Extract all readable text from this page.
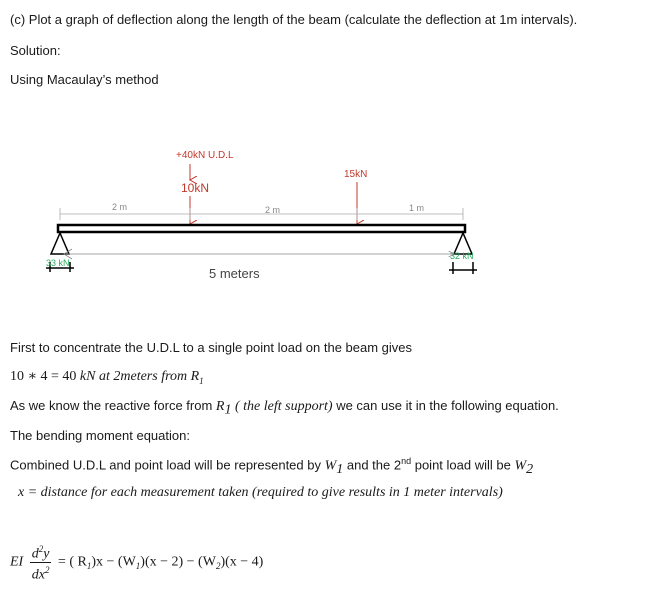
(c) Plot a graph of deflection along the length of the beam (calculate the deflection at 1m intervals).
Solution:
Using Macaulay’s method
+40kN U.D.L
10kN
15kN
2 m	2 m	1 m
33 kN
32 kN
5 meters
First to concentrate the U.D.L to a single point load on the beam gives
10 ∗ 4 = 40 kN at 2meters from $R_1$
As we know the reactive force from $R_1$ ( the left support) we can use it in the following equation.
The bending moment equation:
Combined U.D.L and point load will be represented by $W_1$ and the 2nd point load will be $W_2$
x = distance for each measurement taken (required to give results in 1 meter intervals)
EI $\frac{d^2y}{dx^2}$ = ( $R_1)x - (W_1)(x - 2) - (W_2)(x - 4)$
